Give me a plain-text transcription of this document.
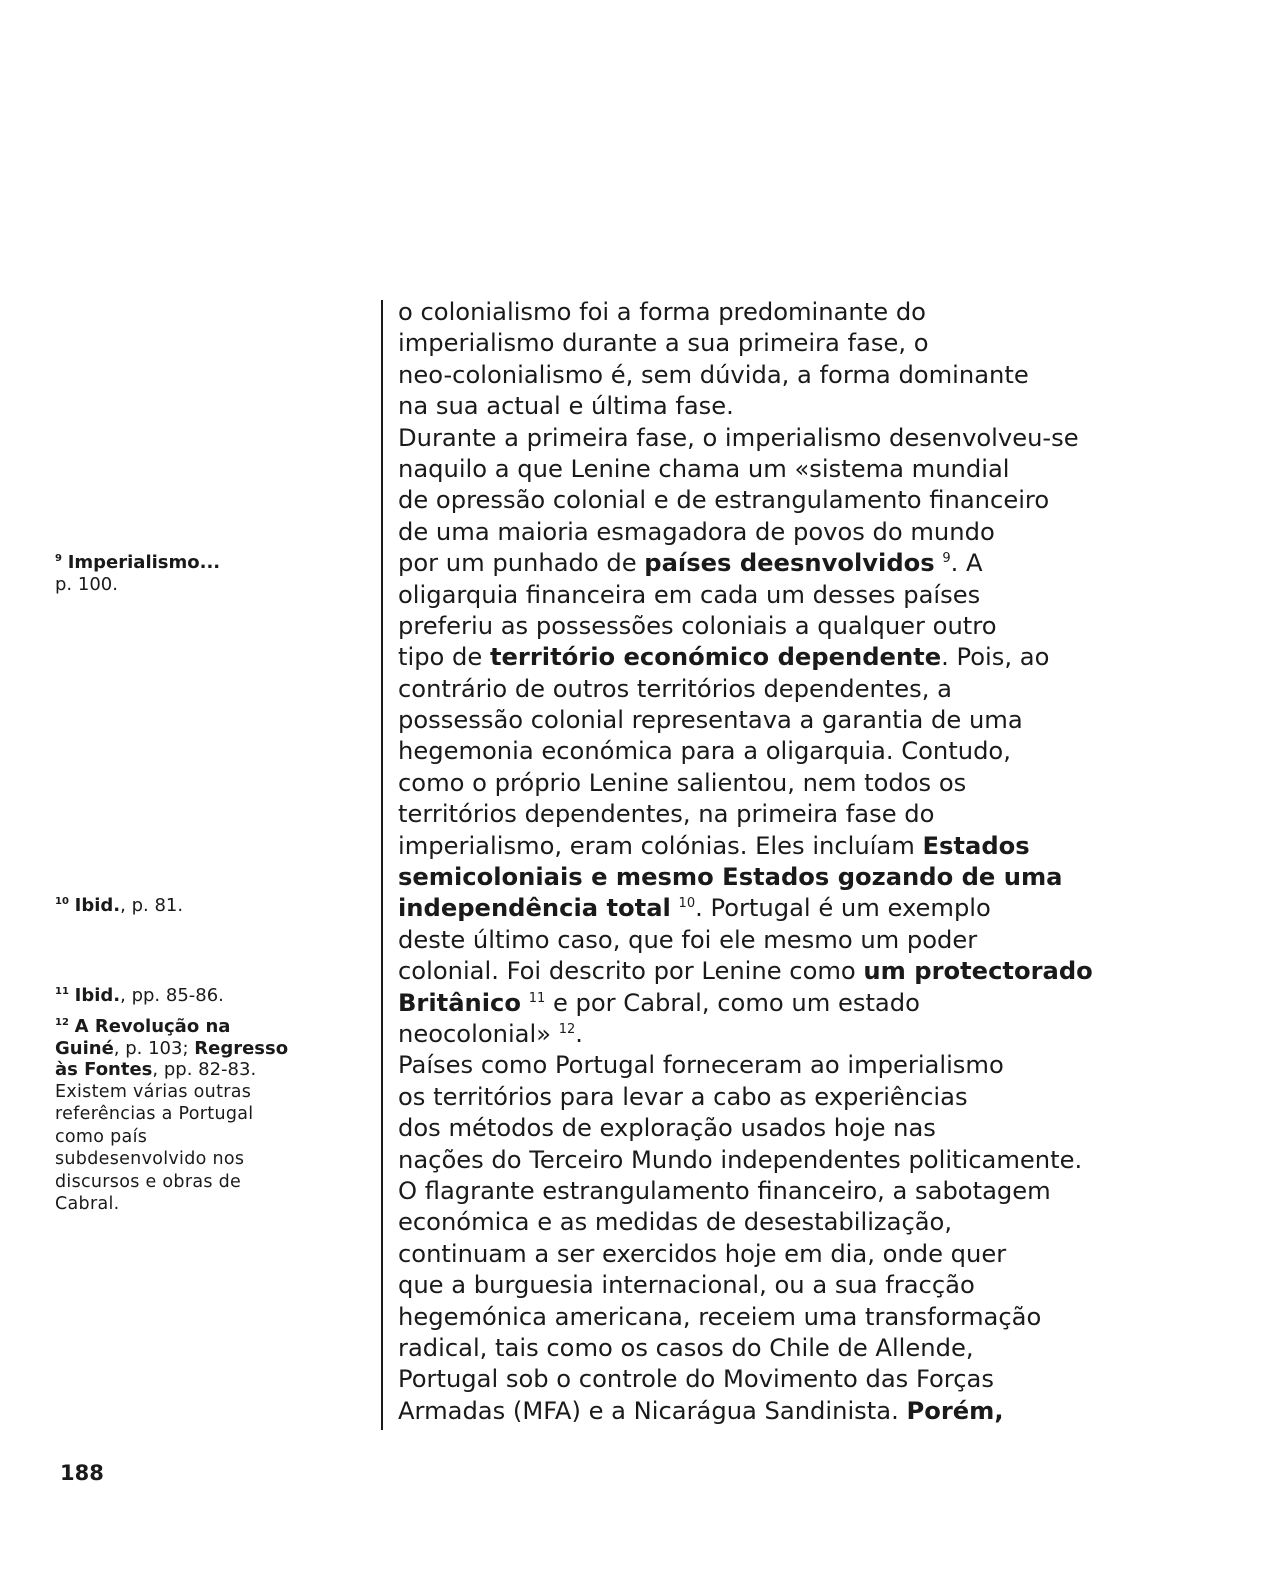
$^9$ Imperialismo...
p. 100.
$^{10}$ Ibid., p. 81.
$^{11}$ Ibid., pp. 85-86.
$^{12}$ A Revolução na
Guiné, p. 103; Regresso
às Fontes, pp. 82-83.
Existem várias outras
referências a Portugal
como país
subdesenvolvido nos
discursos e obras de
Cabral.
o colonialismo foi a forma predominante do
imperialismo durante a sua primeira fase, o
neo-colonialismo é, sem dúvida, a forma dominante
na sua actual e última fase.
Durante a primeira fase, o imperialismo desenvolveu-se
naquilo a que Lenine chama um «sistema mundial
de opressão colonial e de estrangulamento financeiro
de uma maioria esmagadora de povos do mundo
por um punhado de países deesnvolvidos $^9$. A
oligarquia financeira em cada um desses países
preferiu as possessões coloniais a qualquer outro
tipo de território económico dependente. Pois, ao
contrário de outros territórios dependentes, a
possessão colonial representava a garantia de uma
hegemonia económica para a oligarquia. Contudo,
como o próprio Lenine salientou, nem todos os
territórios dependentes, na primeira fase do
imperialismo, eram colónias. Eles incluíam Estados
semicoloniais e mesmo Estados gozando de uma
independência total $^{10}$. Portugal é um exemplo
deste último caso, que foi ele mesmo um poder
colonial. Foi descrito por Lenine como um protectorado
Britânico $^{11}$ e por Cabral, como um estado
neocolonial» $^{12}$.
Países como Portugal forneceram ao imperialismo
os territórios para levar a cabo as experiências
dos métodos de exploração usados hoje nas
nações do Terceiro Mundo independentes politicamente.
O flagrante estrangulamento financeiro, a sabotagem
económica e as medidas de desestabilização,
continuam a ser exercidos hoje em dia, onde quer
que a burguesia internacional, ou a sua fracção
hegemónica americana, receiem uma transformação
radical, tais como os casos do Chile de Allende,
Portugal sob o controle do Movimento das Forças
Armadas (MFA) e a Nicarágua Sandinista. Porém,
188
